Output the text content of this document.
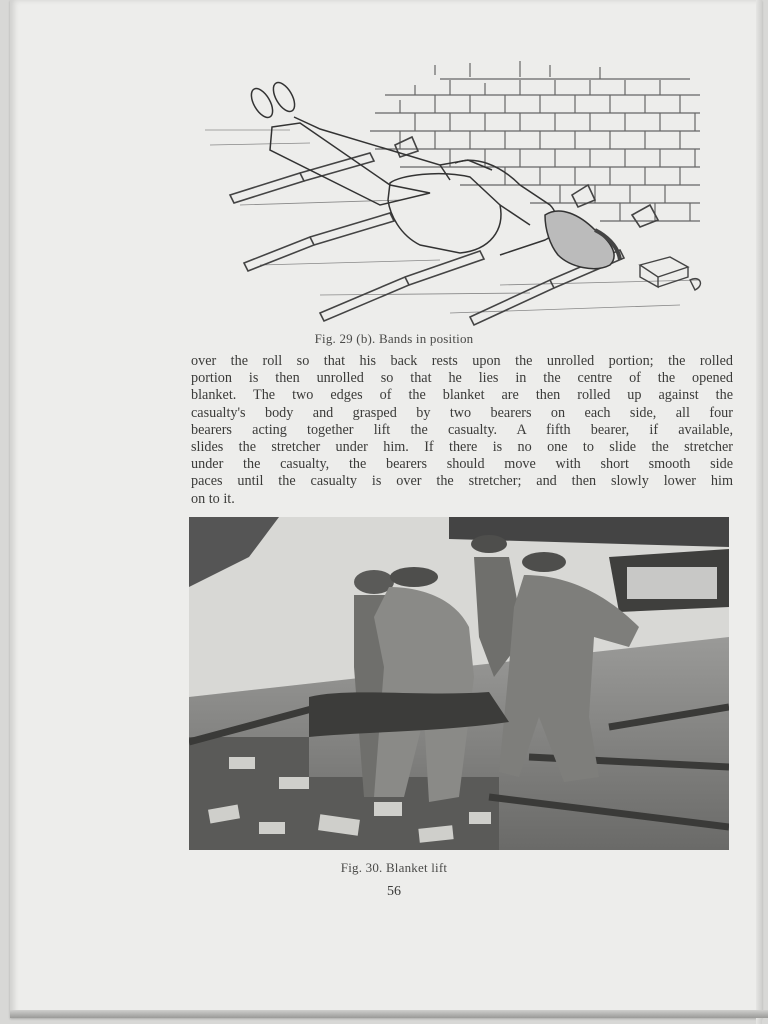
Fig. 29 (b). Bands in position
over the roll so that his back rests upon the unrolled portion; the rolled
portion is then unrolled so that he lies in the centre of the opened
blanket. The two edges of the blanket are then rolled up against the
casualty's body and grasped by two bearers on each side, all four
bearers acting together lift the casualty. A fifth bearer, if available,
slides the stretcher under him. If there is no one to slide the stretcher
under the casualty, the bearers should move with short smooth side
paces until the casualty is over the stretcher; and then slowly lower him
on to it.
Fig. 30. Blanket lift
56
